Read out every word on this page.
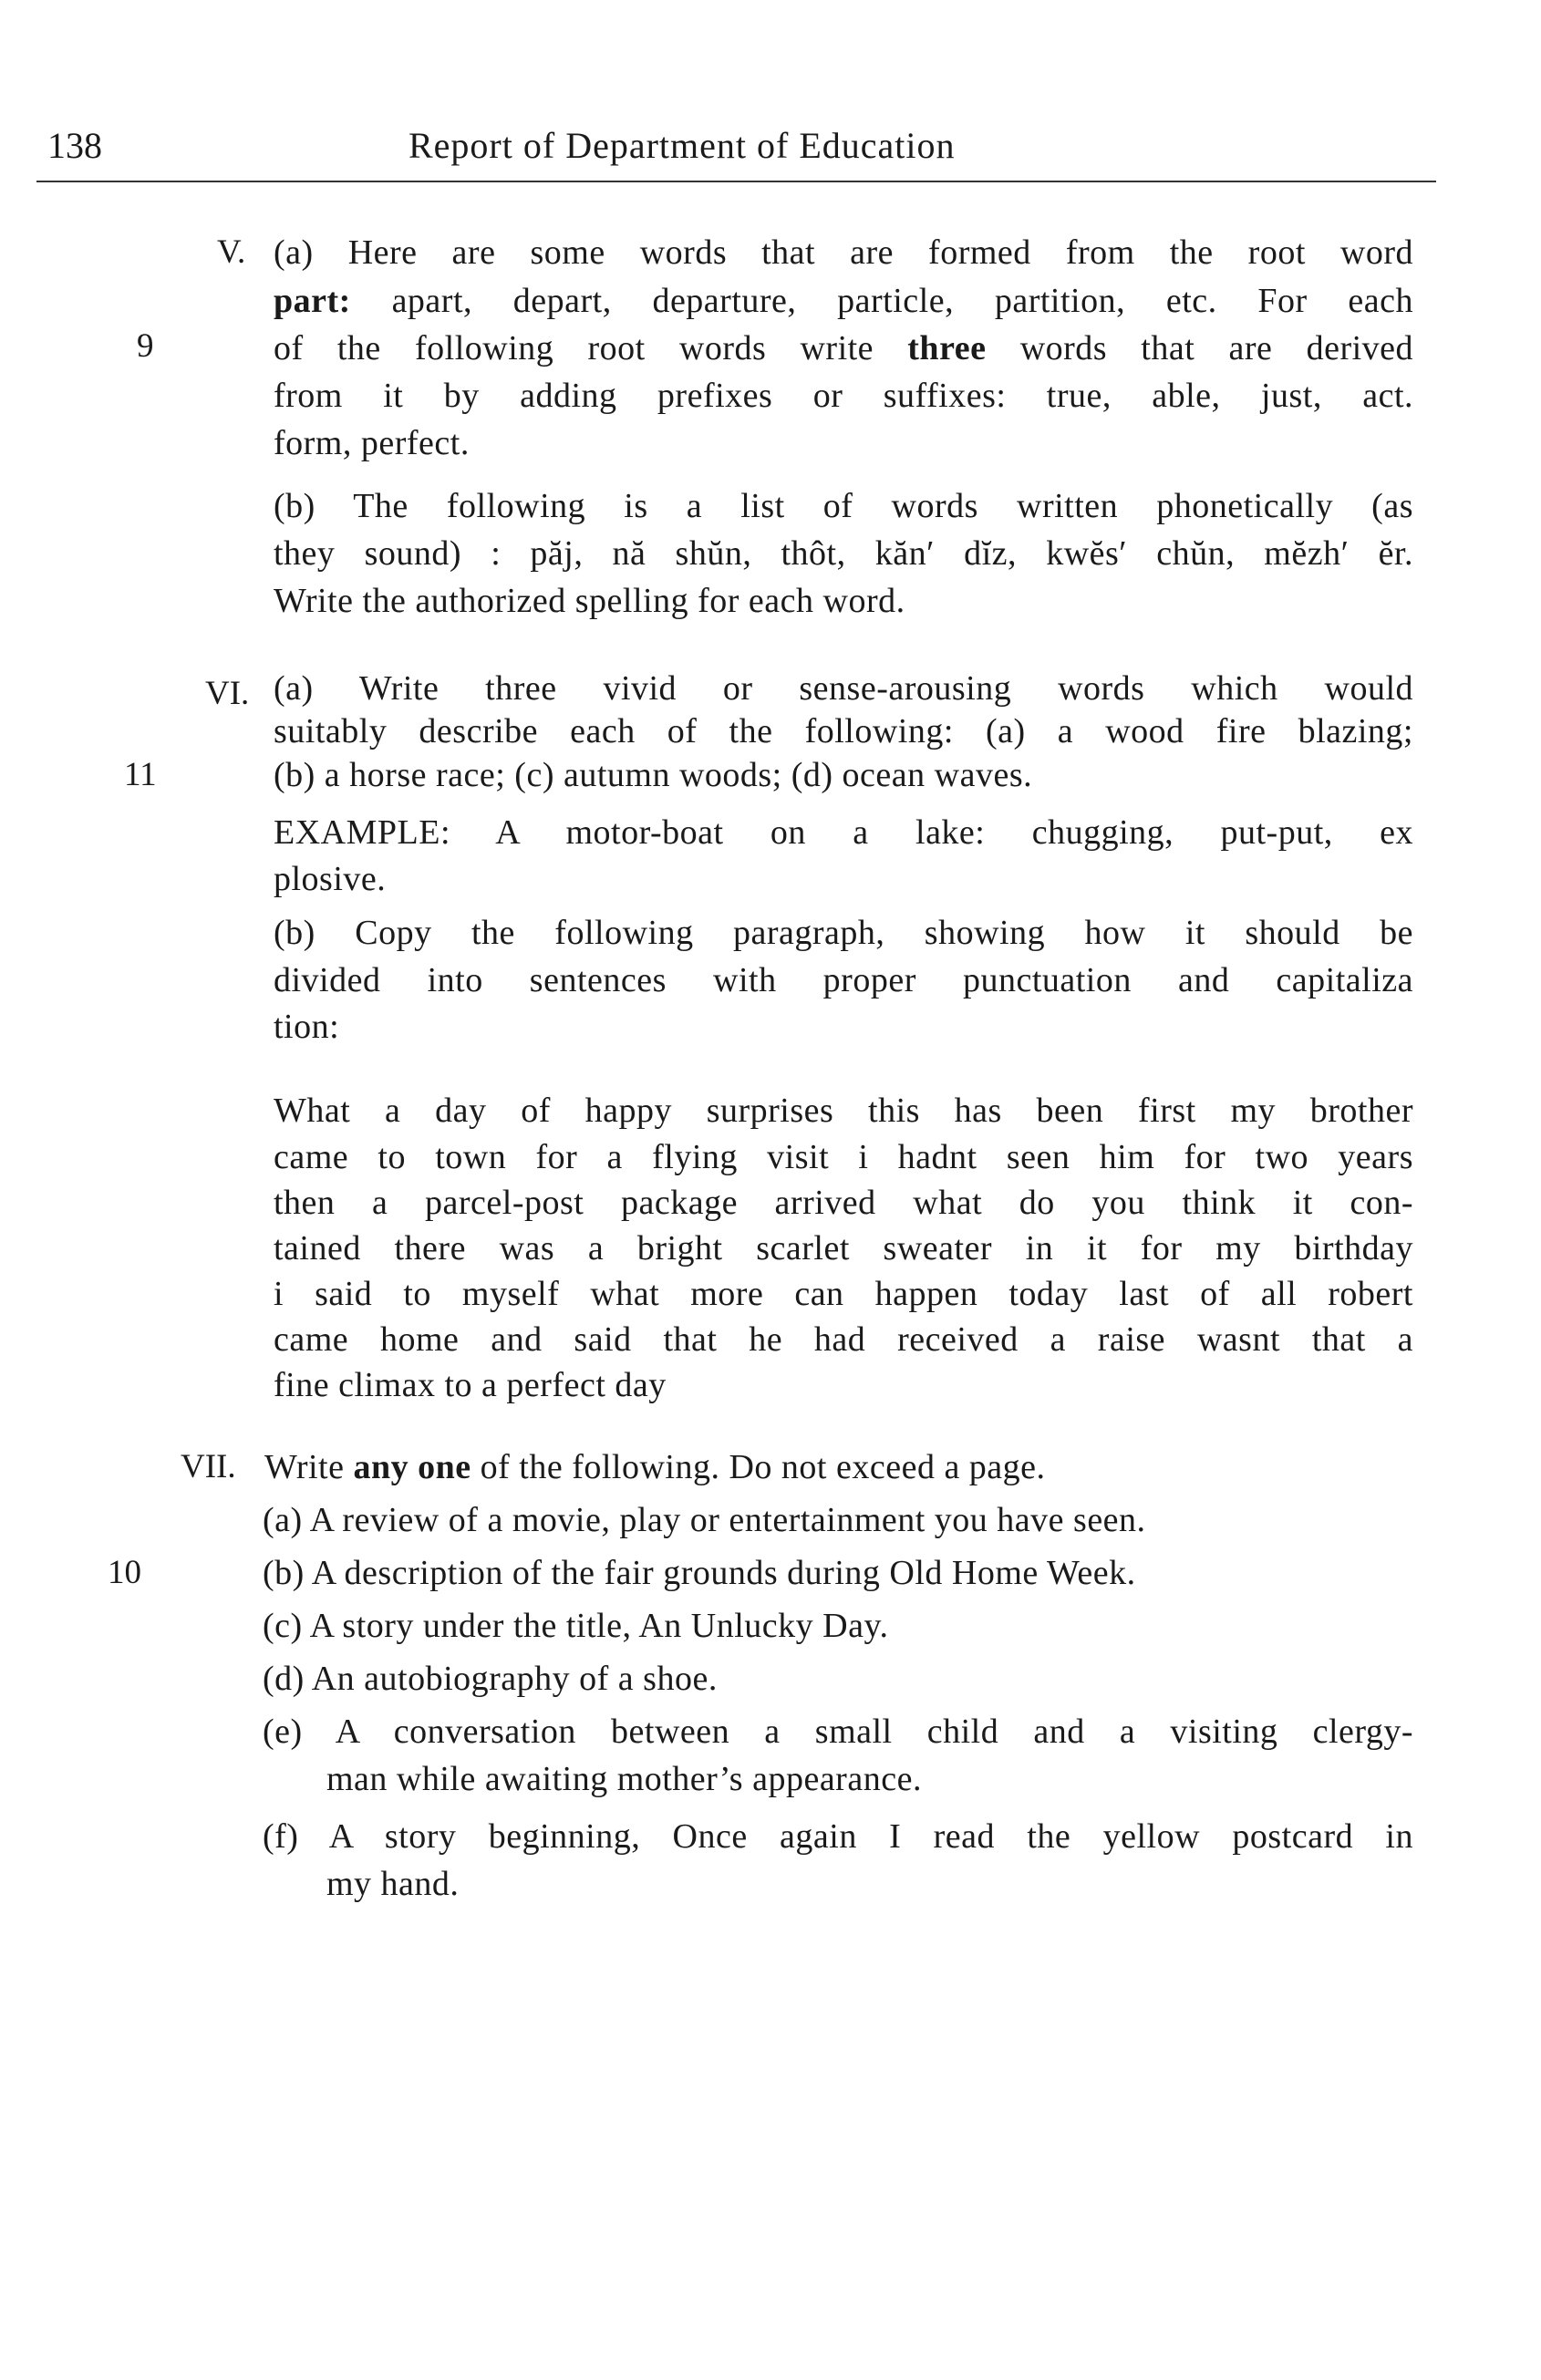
138	Report of Department of Education
V.
9
(a) Here are some words that are formed from the root word
part: apart, depart, departure, particle, partition, etc. For each
of the following root words write three words that are derived
from it by adding prefixes or suffixes: true, able, just, act.
form, perfect.
(b) The following is a list of words written phonetically (as
they sound) : păj, nă shŭn, thôt, kăn′ dĭz, kwĕs′ chŭn, mĕzh′ ĕr.
Write the authorized spelling for each word.
VI.
11
(a) Write three vivid or sense-arousing words which would
suitably describe each of the following: (a) a wood fire blazing;
(b) a horse race; (c) autumn woods; (d) ocean waves.
EXAMPLE: A motor-boat on a lake: chugging, put-put, ex
plosive.
(b) Copy the following paragraph, showing how it should be
divided into sentences with proper punctuation and capitaliza
tion:
What a day of happy surprises this has been first my brother
came to town for a flying visit i hadnt seen him for two years
then a parcel-post package arrived what do you think it con-
tained there was a bright scarlet sweater in it for my birthday
i said to myself what more can happen today last of all robert
came home and said that he had received a raise wasnt that a
fine climax to a perfect day
VII.
10
Write any one of the following. Do not exceed a page.
(a) A review of a movie, play or entertainment you have seen.
(b) A description of the fair grounds during Old Home Week.
(c) A story under the title, An Unlucky Day.
(d) An autobiography of a shoe.
(e) A conversation between a small child and a visiting clergy-
man while awaiting mother’s appearance.
(f) A story beginning, Once again I read the yellow postcard in
my hand.
